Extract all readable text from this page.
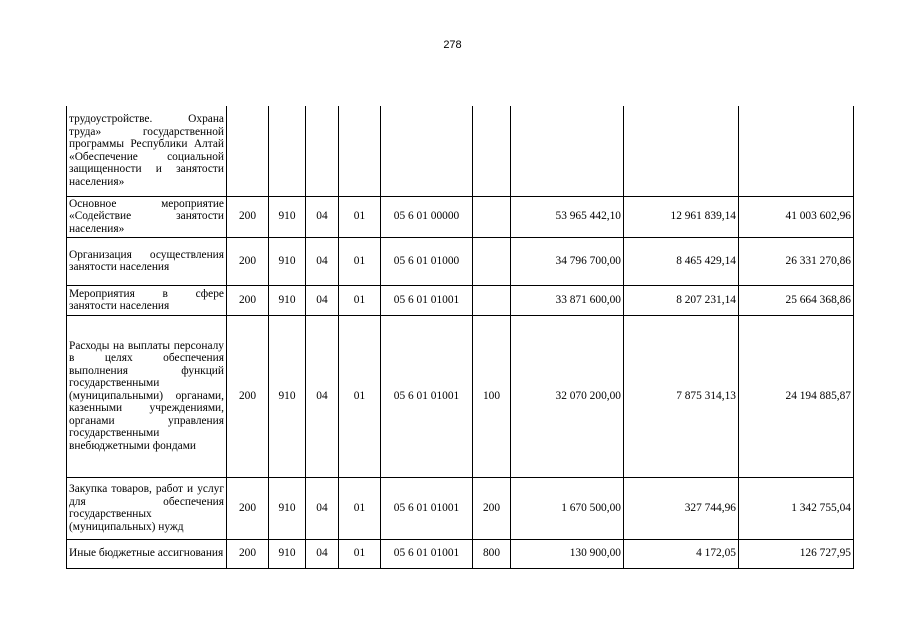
278
трудоустройстве. Охрана труда» государственной программы Республики Алтай «Обеспечение социальной защищенности и занятости населения»									
Основное мероприятие «Содействие занятости населения»	200	910	04	01	05 6 01 00000		53 965 442,10	12 961 839,14	41 003 602,96
Организация осуществления занятости населения	200	910	04	01	05 6 01 01000		34 796 700,00	8 465 429,14	26 331 270,86
Мероприятия в сфере занятости населения	200	910	04	01	05 6 01 01001		33 871 600,00	8 207 231,14	25 664 368,86
Расходы на выплаты персоналу в целях обеспечения выполнения функций государственными (муниципальными) органами, казенными учреждениями, органами управления государственными внебюджетными фондами	200	910	04	01	05 6 01 01001	100	32 070 200,00	7 875 314,13	24 194 885,87
Закупка товаров, работ и услуг для обеспечения государственных (муниципальных) нужд	200	910	04	01	05 6 01 01001	200	1 670 500,00	327 744,96	1 342 755,04
Иные бюджетные ассигнования	200	910	04	01	05 6 01 01001	800	130 900,00	4 172,05	126 727,95
